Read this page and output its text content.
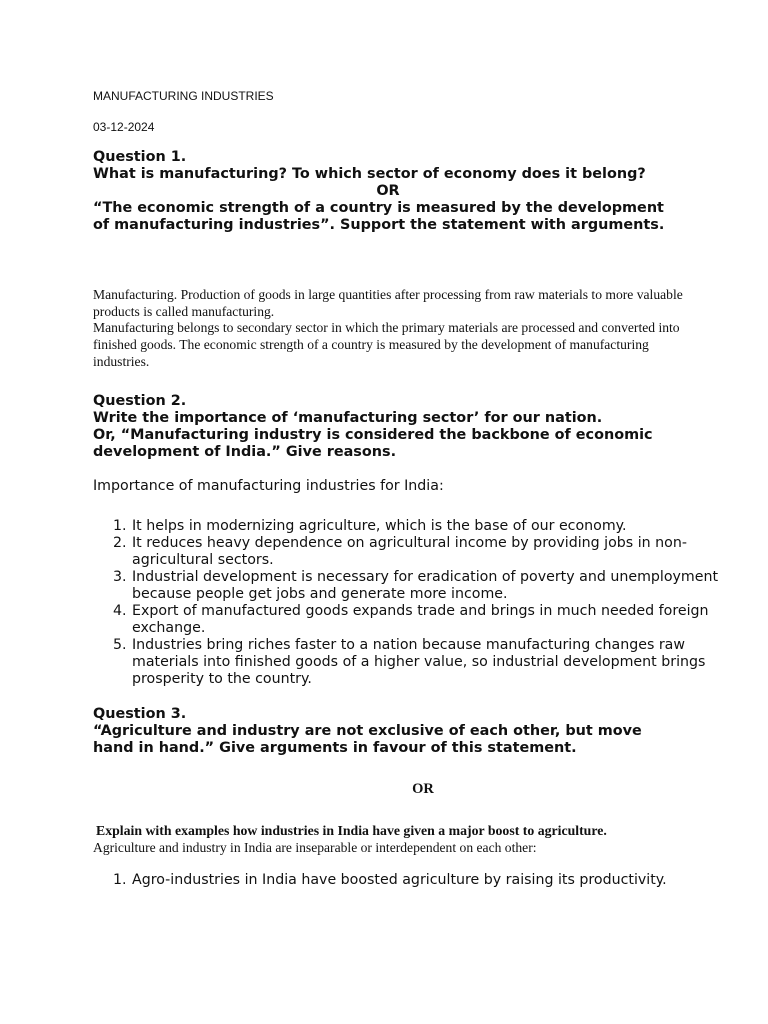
MANUFACTURING INDUSTRIES
03-12-2024
Question 1.
What is manufacturing? To which sector of economy does it belong?
OR
“The economic strength of a country is measured by the development of manufacturing industries”. Support the statement with arguments.

Manufacturing. Production of goods in large quantities after processing from raw materials to more valuable products is called manufacturing.

Manufacturing belongs to secondary sector in which the primary materials are processed and converted into finished goods. The economic strength of a country is measured by the development of manufacturing industries.

Question 2.
Write the importance of ‘manufacturing sector’ for our nation.
Or, “Manufacturing industry is considered the backbone of economic development of India.” Give reasons.

Importance of manufacturing industries for India:

1. It helps in modernizing agriculture, which is the base of our economy.
2. It reduces heavy dependence on agricultural income by providing jobs in non-agricultural sectors.
3. Industrial development is necessary for eradication of poverty and unemployment because people get jobs and generate more income.
4. Export of manufactured goods expands trade and brings in much needed foreign exchange.
5. Industries bring riches faster to a nation because manufacturing changes raw materials into finished goods of a higher value, so industrial development brings prosperity to the country.
Question 3.
“Agriculture and industry are not exclusive of each other, but move hand in hand.” Give arguments in favour of this statement.
OR

Explain with examples how industries in India have given a major boost to agriculture.

Agriculture and industry in India are inseparable or interdependent on each other:

1. Agro-industries in India have boosted agriculture by raising its productivity.
